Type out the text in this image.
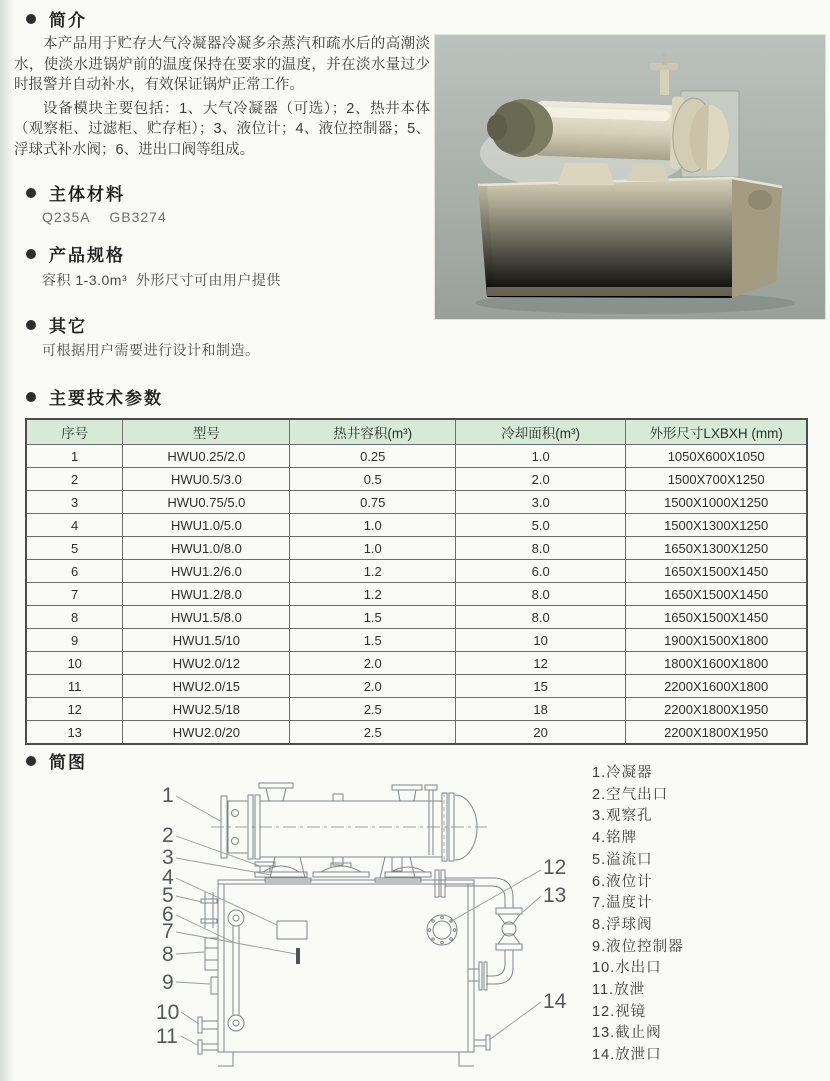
简介

本产品用于贮存大气冷凝器冷凝多余蒸汽和疏水后的高潮淡水，使淡水进锅炉前的温度保持在要求的温度，并在淡水量过少时报警并自动补水，有效保证锅炉正常工作。

设备模块主要包括：1、大气冷凝器（可选）；2、热井本体（观察柜、过滤柜、贮存柜）；3、液位计；4、液位控制器；5、浮球式补水阀；6、进出口阀等组成。

主体材料
Q235A    GB3274
产品规格
容积 1-3.0m³  外形尺寸可由用户提供
其它
可根据用户需要进行设计和制造。
主要技术参数
序号	型号	热井容积(m³)	冷却面积(m³)	外形尺寸LXBXH (mm)
1	HWU0.25/2.0	0.25	1.0	1050X600X1050
2	HWU0.5/3.0	0.5	2.0	1500X700X1250
3	HWU0.75/5.0	0.75	3.0	1500X1000X1250
4	HWU1.0/5.0	1.0	5.0	1500X1300X1250
5	HWU1.0/8.0	1.0	8.0	1650X1300X1250
6	HWU1.2/6.0	1.2	6.0	1650X1500X1450
7	HWU1.2/8.0	1.2	8.0	1650X1500X1450
8	HWU1.5/8.0	1.5	8.0	1650X1500X1450
9	HWU1.5/10	1.5	10	1900X1500X1800
10	HWU2.0/12	2.0	12	1800X1600X1800
11	HWU2.0/15	2.0	15	2200X1600X1800
12	HWU2.5/18	2.5	18	2200X1800X1950
13	HWU2.0/20	2.5	20	2200X1800X1950
简图
1
2
3
4
5
6
7
8
9
10
11
12
13
14
1.冷凝器
2.空气出口
3.观察孔
4.铭牌
5.溢流口
6.液位计
7.温度计
8.浮球阀
9.液位控制器
10.水出口
11.放泄
12.视镜
13.截止阀
14.放泄口
